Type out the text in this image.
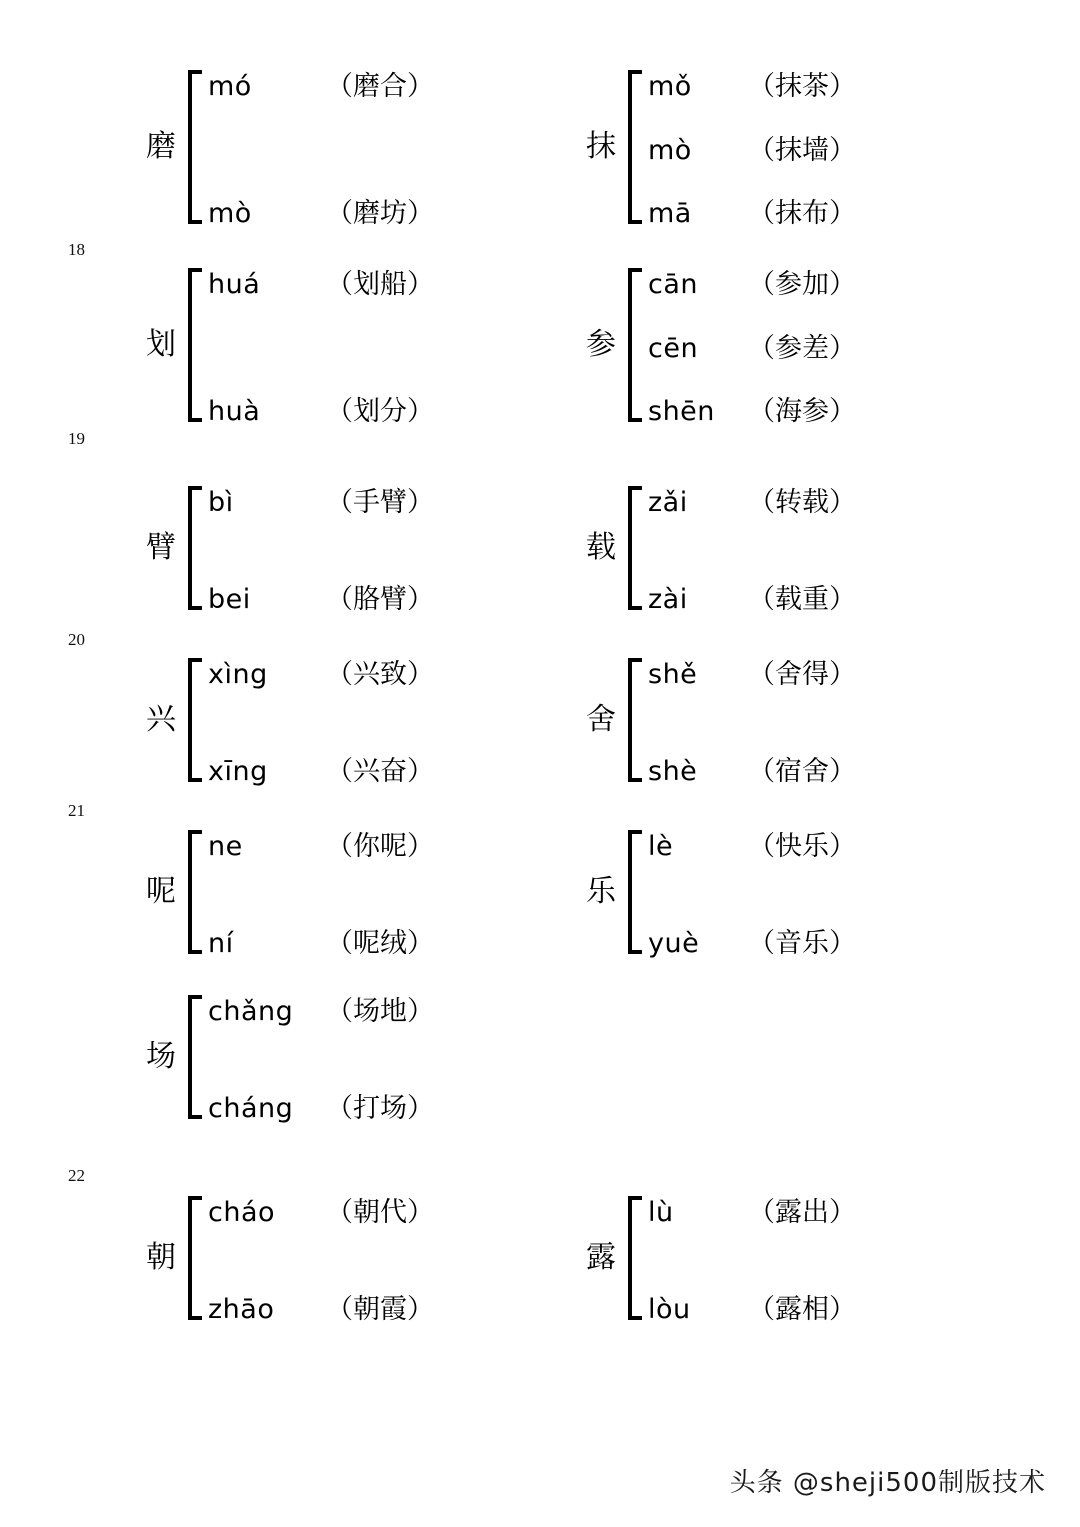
18
19
20
21
22
磨
mó	（磨合）
mò	（磨坊）
抹
mǒ	（抹茶）
mò	（抹墙）
mā	（抹布）
划
huá	（划船）
huà	（划分）
参
cān	（参加）
cēn	（参差）
shēn	（海参）
臂
bì	（手臂）
bei	（胳臂）
载
zǎi	（转载）
zài	（载重）
兴
xìng	（兴致）
xīng	（兴奋）
舍
shě	（舍得）
shè	（宿舍）
呢
ne	（你呢）
ní	（呢绒）
乐
lè	（快乐）
yuè	（音乐）
场
chǎng	（场地）
cháng	（打场）
朝
cháo	（朝代）
zhāo	（朝霞）
露
lù	（露出）
lòu	（露相）
头条 @sheji500制版技术
